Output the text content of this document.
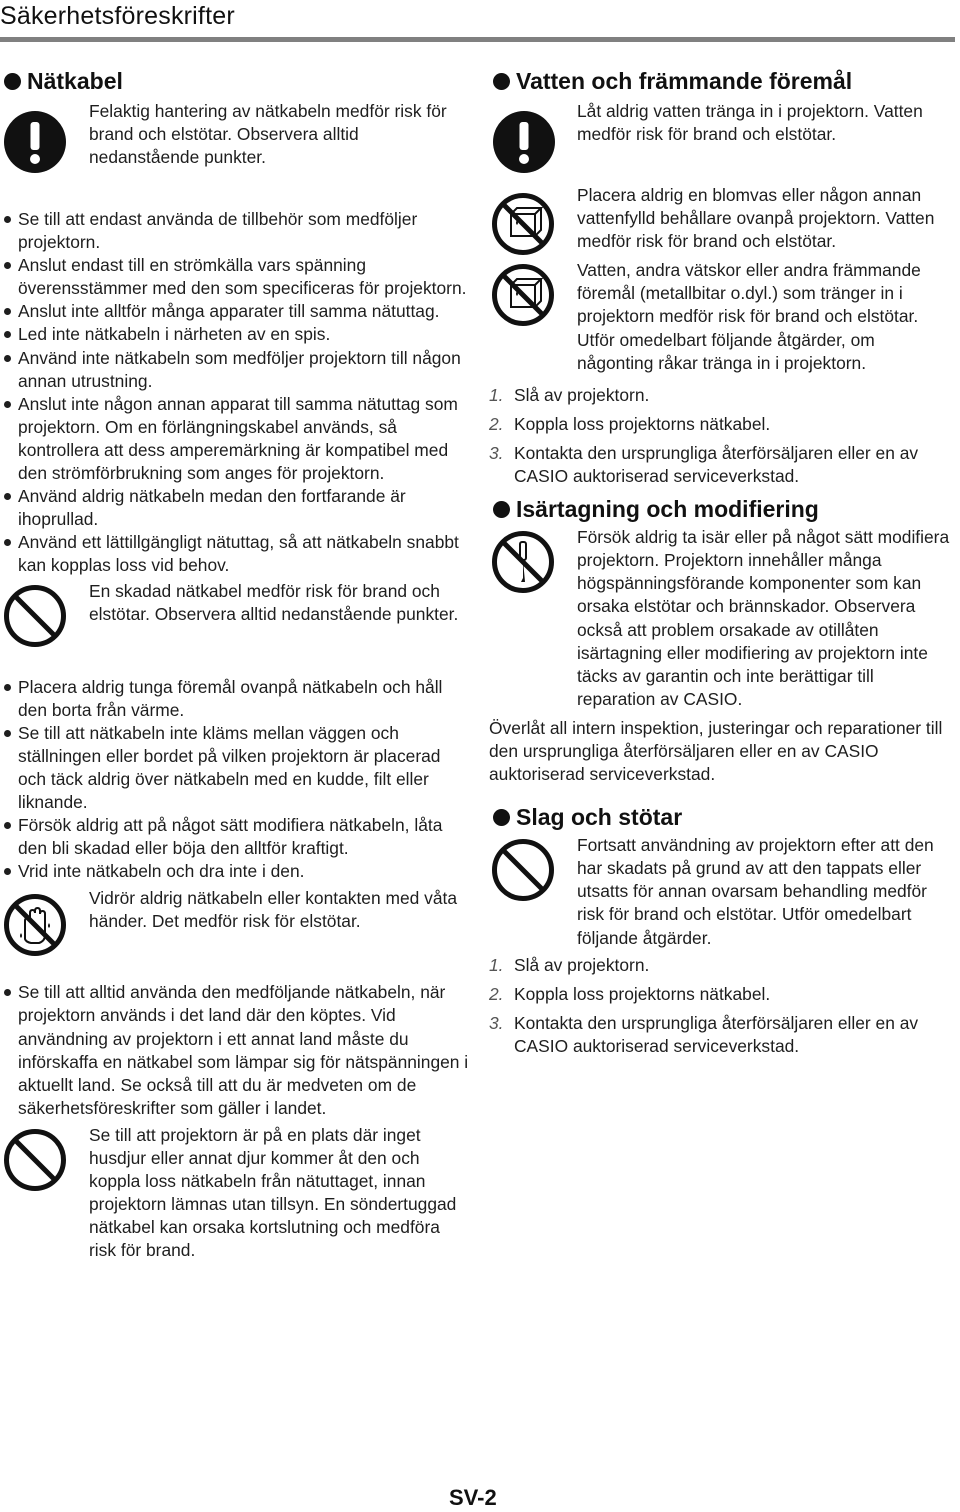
Säkerhetsföreskrifter
Nätkabel

Felaktig hantering av nätkabeln medför risk för brand och elstötar. Observera alltid nedanstående punkter.

Se till att endast använda de tillbehör som medföljer projektorn.
Anslut endast till en strömkälla vars spänning överensstämmer med den som specificeras för projektorn.
Anslut inte alltför många apparater till samma nätuttag.
Led inte nätkabeln i närheten av en spis.
Använd inte nätkabeln som medföljer projektorn till någon annan utrustning.
Anslut inte någon annan apparat till samma nätuttag som projektorn. Om en förlängningskabel används, så kontrollera att dess amperemärkning är kompatibel med den strömförbrukning som anges för projektorn.
Använd aldrig nätkabeln medan den fortfarande är ihoprullad.
Använd ett lättillgängligt nätuttag, så att nätkabeln snabbt kan kopplas loss vid behov.

En skadad nätkabel medför risk för brand och elstötar. Observera alltid nedanstående punkter.

Placera aldrig tunga föremål ovanpå nätkabeln och håll den borta från värme.
Se till att nätkabeln inte kläms mellan väggen och ställningen eller bordet på vilken projektorn är placerad och täck aldrig över nätkabeln med en kudde, filt eller liknande.
Försök aldrig att på något sätt modifiera nätkabeln, låta den bli skadad eller böja den alltför kraftigt.
Vrid inte nätkabeln och dra inte i den.

Vidrör aldrig nätkabeln eller kontakten med våta händer. Det medför risk för elstötar.

Se till att alltid använda den medföljande nätkabeln, när projektorn används i det land där den köptes. Vid användning av projektorn i ett annat land måste du införskaffa en nätkabel som lämpar sig för nätspänningen i aktuellt land. Se också till att du är medveten om de säkerhetsföreskrifter som gäller i landet.

Se till att projektorn är på en plats där inget husdjur eller annat djur kommer åt den och koppla loss nätkabeln från nätuttaget, innan projektorn lämnas utan tillsyn. En söndertuggad nätkabel kan orsaka kortslutning och medföra risk för brand.

Vatten och främmande föremål

Låt aldrig vatten tränga in i projektorn. Vatten medför risk för brand och elstötar.

Placera aldrig en blomvas eller någon annan vattenfylld behållare ovanpå projektorn. Vatten medför risk för brand och elstötar.

Vatten, andra vätskor eller andra främmande föremål (metallbitar o.dyl.) som tränger in i projektorn medför risk för brand och elstötar. Utför omedelbart följande åtgärder, om någonting råkar tränga in i projektorn.

1. Slå av projektorn.
2. Koppla loss projektorns nätkabel.
3. Kontakta den ursprungliga återförsäljaren eller en av CASIO auktoriserad serviceverkstad.
Isärtagning och modifiering

Försök aldrig ta isär eller på något sätt modifiera projektorn. Projektorn innehåller många högspänningsförande komponenter som kan orsaka elstötar och brännskador. Observera också att problem orsakade av otillåten isärtagning eller modifiering av projektorn inte täcks av garantin och inte berättigar till reparation av CASIO.

Överlåt all intern inspektion, justeringar och reparationer till den ursprungliga återförsäljaren eller en av CASIO auktoriserad serviceverkstad.

Slag och stötar

Fortsatt användning av projektorn efter att den har skadats på grund av att den tappats eller utsatts för annan ovarsam behandling medför risk för brand och elstötar. Utför omedelbart följande åtgärder.

1. Slå av projektorn.
2. Koppla loss projektorns nätkabel.
3. Kontakta den ursprungliga återförsäljaren eller en av CASIO auktoriserad serviceverkstad.
SV-2
